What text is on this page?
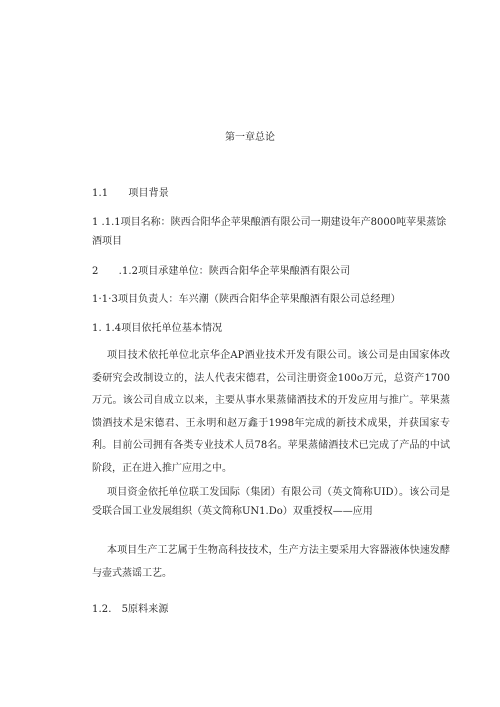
第一章总论
1.1　　项目背景
1 .1.1项目名称：陕西合阳华企苹果酿酒有限公司一期建设年产8000吨苹果蒸馀酒项目
2　　.1.2项目承建单位：陕西合阳华企苹果酿酒有限公司
1·1·3项目负责人：车兴潮（陕西合阳华企苹果酿酒有限公司总经理）
1. 1.4项目依托单位基本情况
项目技术依托单位北京华企AP酒业技术开发有限公司。该公司是由国家体改委研究会改制设立的，法人代表宋德君，公司注册资金100o万元，总资产1700万元。该公司自成立以来，主要从事水果蒸储酒技术的开发应用与推广。苹果蒸馈酒技术是宋德君、王永明和赵万鑫于1998年完成的新技术成果，并获国家专利。目前公司拥有各类专业技术人员78名。苹果蒸储酒技术已完成了产品的中试阶段，正在进入推广应用之中。
项目资金依托单位联工发国际（集团）有限公司（英文简称UID）。该公司是受联合国工业发展组织（英文简称UN1.Do）双重授权——应用
本项目生产工艺属于生物高科技技术，生产方法主要采用大容器液体快速发酵与壶式蒸谣工艺。
1.2.　5原料来源
